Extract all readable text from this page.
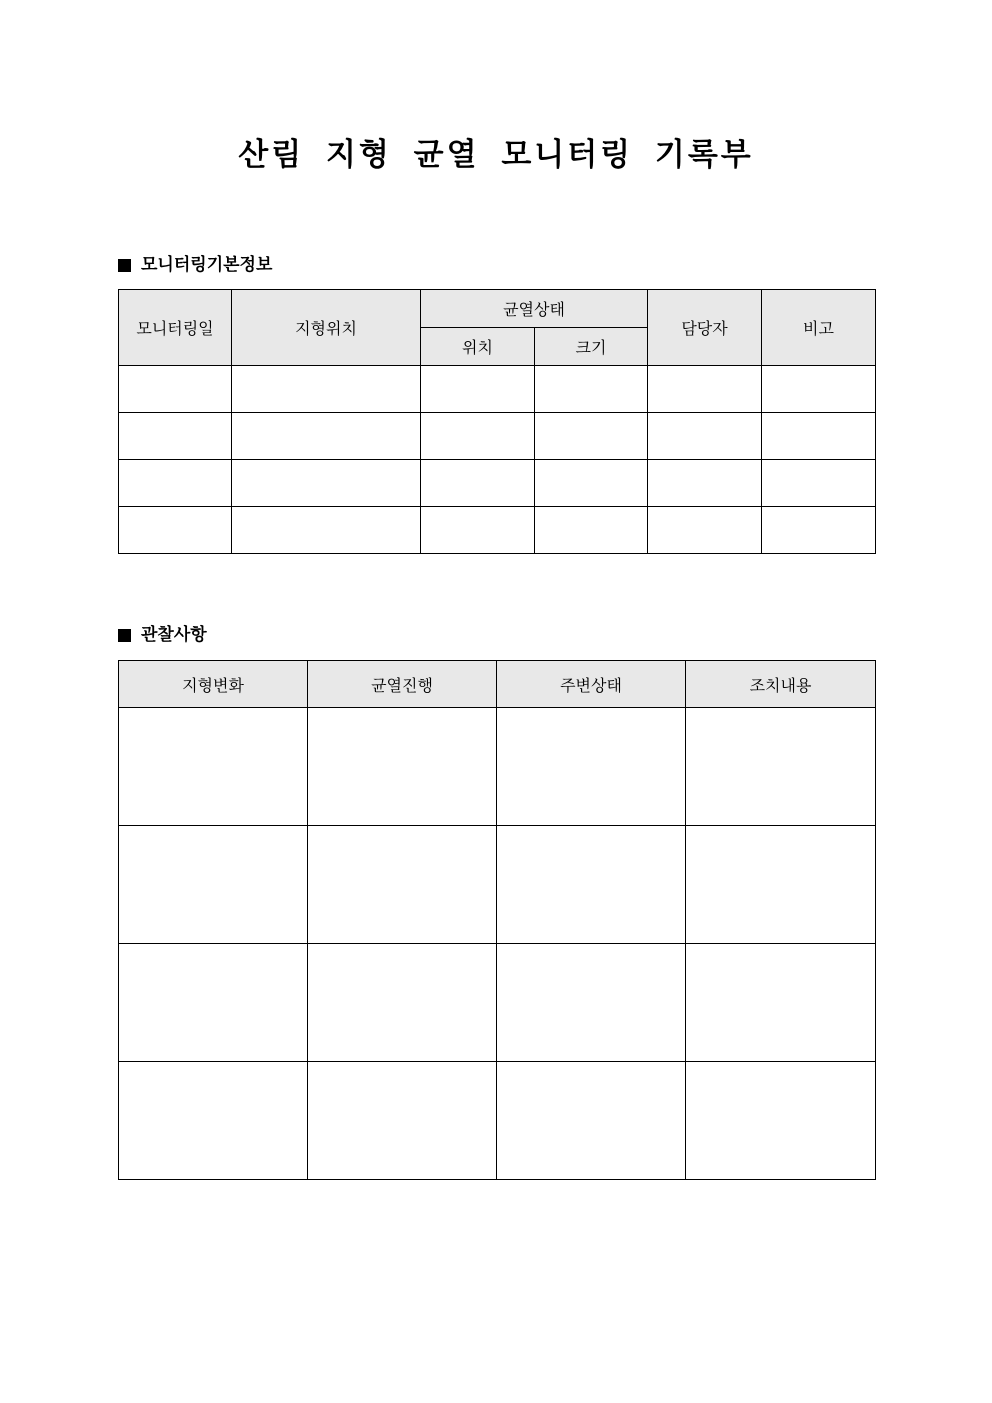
산림 지형 균열 모니터링 기록부
모니터링기본정보
모니터링일	지형위치	균열상태		담당자	비고
		위치	크기		

관찰사항
지형변화	균열진행	주변상태	조치내용
